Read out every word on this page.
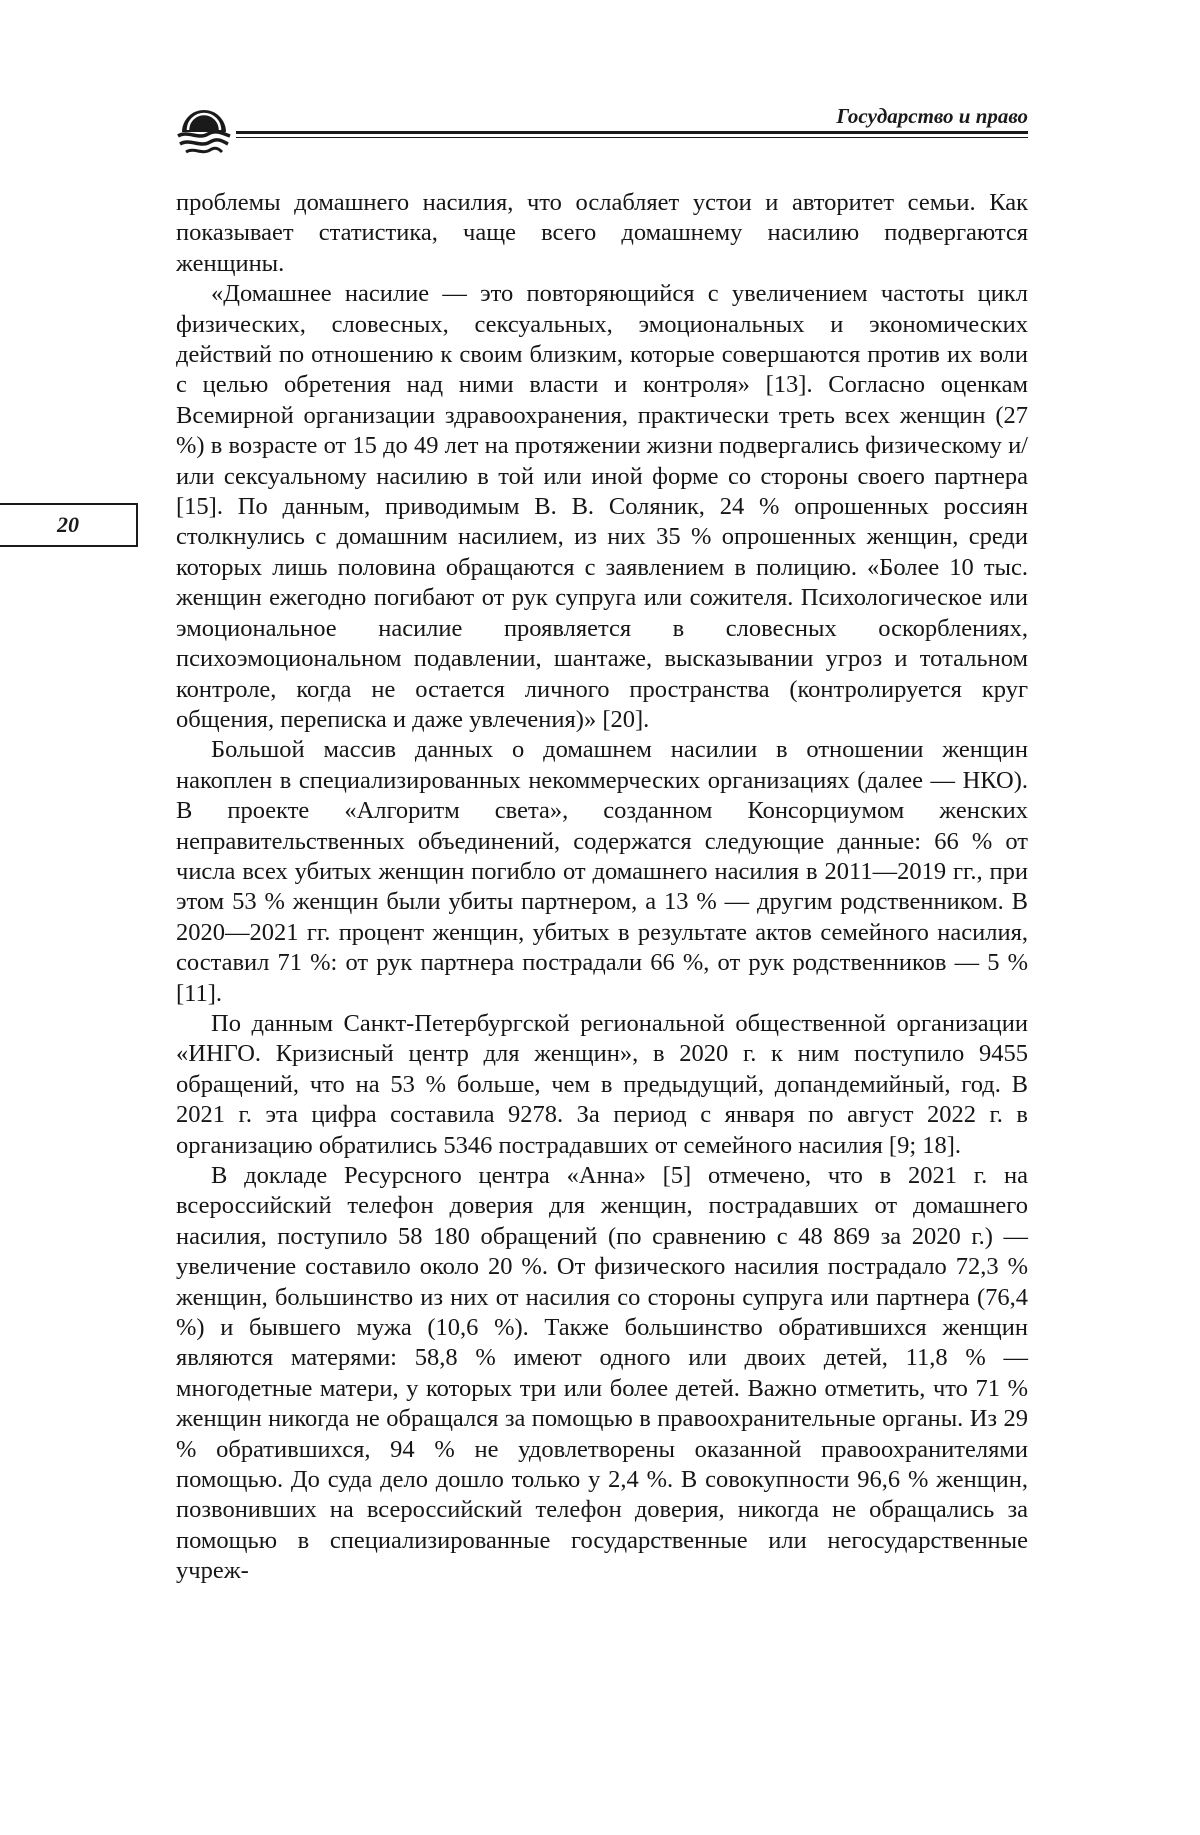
Государство и право
20

проблемы домашнего насилия, что ослабляет устои и авторитет семьи. Как показывает статистика, чаще всего домашнему насилию подвергаются женщины.

«Домашнее насилие — это повторяющийся с увеличением частоты цикл физических, словесных, сексуальных, эмоциональных и экономических действий по отношению к своим близким, которые совершаются против их воли с целью обретения над ними власти и контроля» [13]. Согласно оценкам Всемирной организации здравоохранения, практически треть всех женщин (27 %) в возрасте от 15 до 49 лет на протяжении жизни подвергались физическому и/или сексуальному насилию в той или иной форме со стороны своего партнера [15]. По данным, приводимым В. В. Соляник, 24 % опрошенных россиян столкнулись с домашним насилием, из них 35 % опрошенных женщин, среди которых лишь половина обращаются с заявлением в полицию. «Более 10 тыс. женщин ежегодно погибают от рук супруга или сожителя. Психологическое или эмоциональное насилие проявляется в словесных оскорблениях, психоэмоциональном подавлении, шантаже, высказывании угроз и тотальном контроле, когда не остается личного пространства (контролируется круг общения, переписка и даже увлечения)» [20].

Большой массив данных о домашнем насилии в отношении женщин накоплен в специализированных некоммерческих организациях (далее — НКО). В проекте «Алгоритм света», созданном Консорциумом женских неправительственных объединений, содержатся следующие данные: 66 % от числа всех убитых женщин погибло от домашнего насилия в 2011—2019 гг., при этом 53 % женщин были убиты партнером, а 13 % — другим родственником. В 2020—2021 гг. процент женщин, убитых в результате актов семейного насилия, составил 71 %: от рук партнера пострадали 66 %, от рук родственников — 5 % [11].

По данным Санкт-Петербургской региональной общественной организации «ИНГО. Кризисный центр для женщин», в 2020 г. к ним поступило 9455 обращений, что на 53 % больше, чем в предыдущий, допандемийный, год. В 2021 г. эта цифра составила 9278. За период с января по август 2022 г. в организацию обратились 5346 пострадавших от семейного насилия [9; 18].

В докладе Ресурсного центра «Анна» [5] отмечено, что в 2021 г. на всероссийский телефон доверия для женщин, пострадавших от домашнего насилия, поступило 58 180 обращений (по сравнению с 48 869 за 2020 г.) — увеличение составило около 20 %. От физического насилия пострадало 72,3 % женщин, большинство из них от насилия со стороны супруга или партнера (76,4 %) и бывшего мужа (10,6 %). Также большинство обратившихся женщин являются матерями: 58,8 % имеют одного или двоих детей, 11,8 % — многодетные матери, у которых три или более детей. Важно отметить, что 71 % женщин никогда не обращался за помощью в правоохранительные органы. Из 29 % обратившихся, 94 % не удовлетворены оказанной правоохранителями помощью. До суда дело дошло только у 2,4 %. В совокупности 96,6 % женщин, позвонивших на всероссийский телефон доверия, никогда не обращались за помощью в специализированные государственные или негосударственные учреж-
